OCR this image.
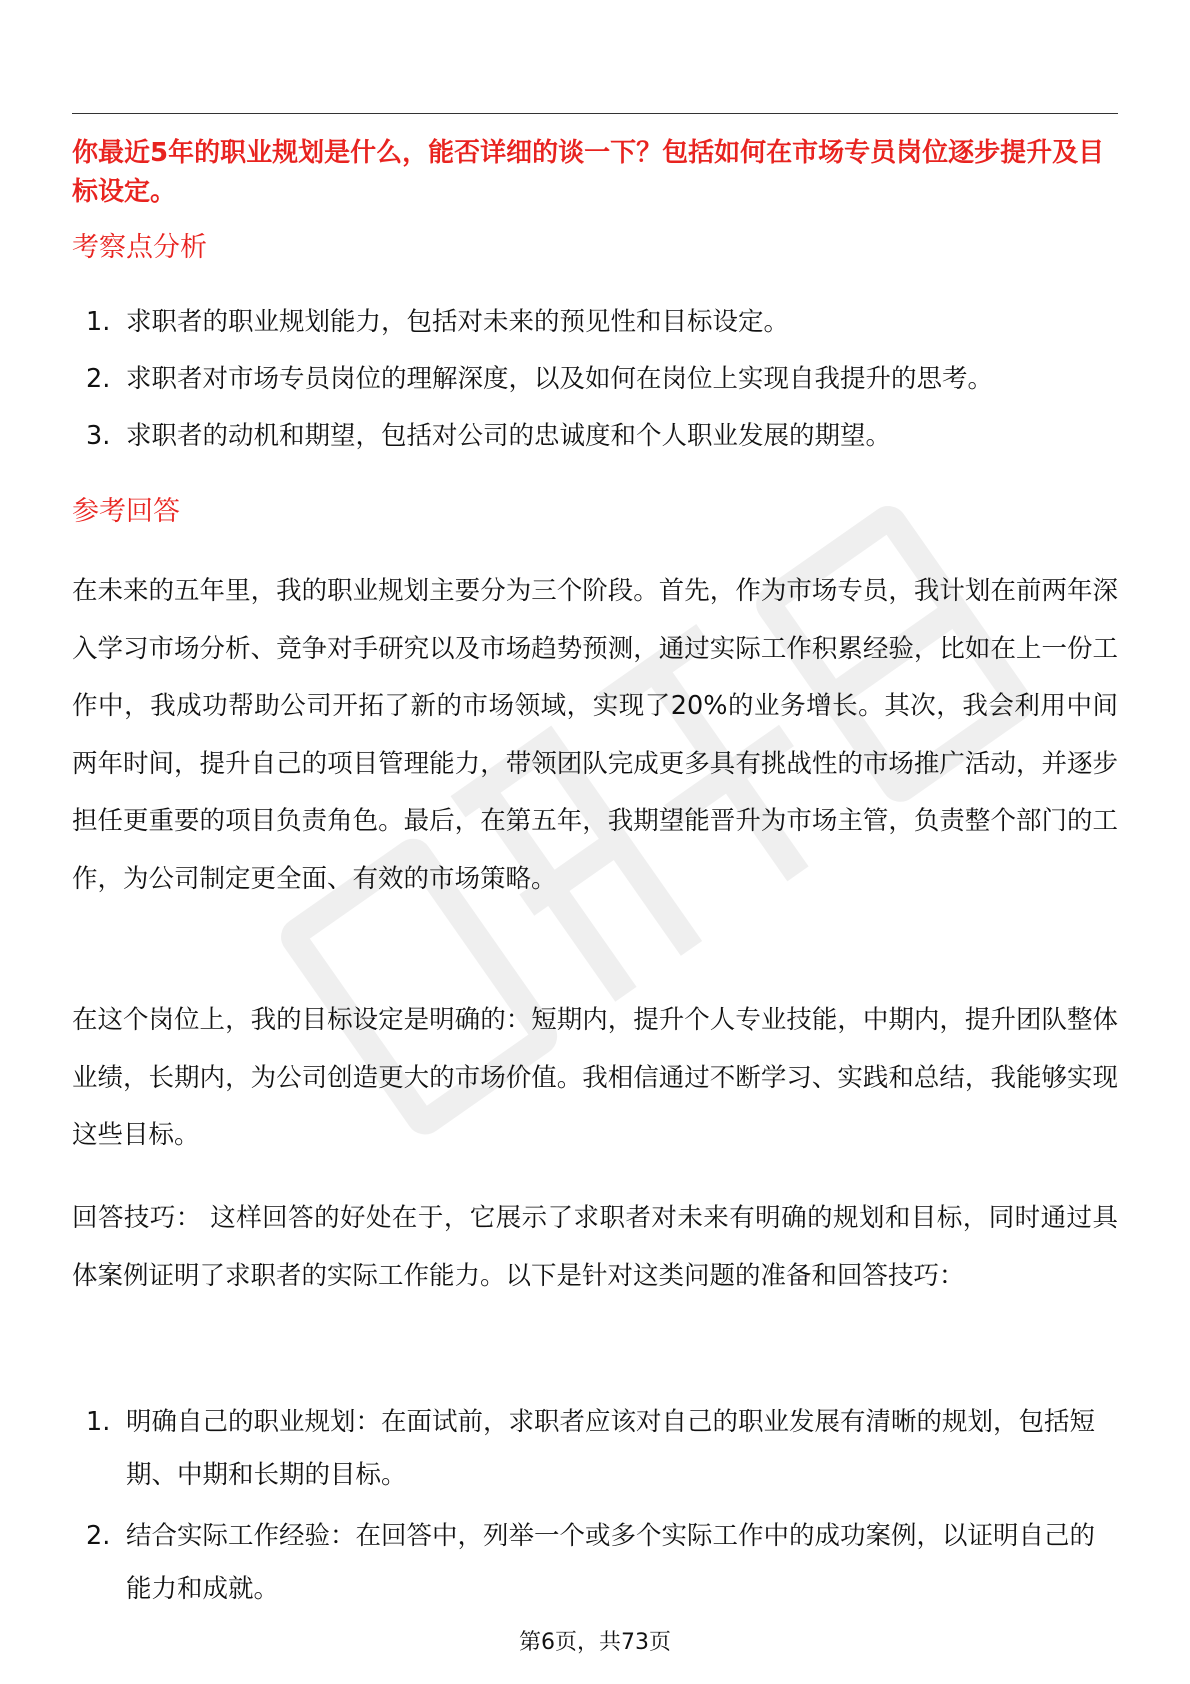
你最近5年的职业规划是什么，能否详细的谈一下？包括如何在市场专员岗位逐步提升及目标设定。
考察点分析
1. 求职者的职业规划能力，包括对未来的预见性和目标设定。
2. 求职者对市场专员岗位的理解深度，以及如何在岗位上实现自我提升的思考。
3. 求职者的动机和期望，包括对公司的忠诚度和个人职业发展的期望。
参考回答

在未来的五年里，我的职业规划主要分为三个阶段。首先，作为市场专员，我计划在前两年深入学习市场分析、竞争对手研究以及市场趋势预测，通过实际工作积累经验，比如在上一份工作中，我成功帮助公司开拓了新的市场领域，实现了20%的业务增长。其次，我会利用中间两年时间，提升自己的项目管理能力，带领团队完成更多具有挑战性的市场推广活动，并逐步担任更重要的项目负责角色。最后，在第五年，我期望能晋升为市场主管，负责整个部门的工作，为公司制定更全面、有效的市场策略。

在这个岗位上，我的目标设定是明确的：短期内，提升个人专业技能，中期内，提升团队整体业绩，长期内，为公司创造更大的市场价值。我相信通过不断学习、实践和总结，我能够实现这些目标。

回答技巧： 这样回答的好处在于，它展示了求职者对未来有明确的规划和目标，同时通过具体案例证明了求职者的实际工作能力。以下是针对这类问题的准备和回答技巧：

1. 明确自己的职业规划：在面试前，求职者应该对自己的职业发展有清晰的规划，包括短期、中期和长期的目标。
2. 结合实际工作经验：在回答中，列举一个或多个实际工作中的成功案例，以证明自己的能力和成就。
第6页，共73页
